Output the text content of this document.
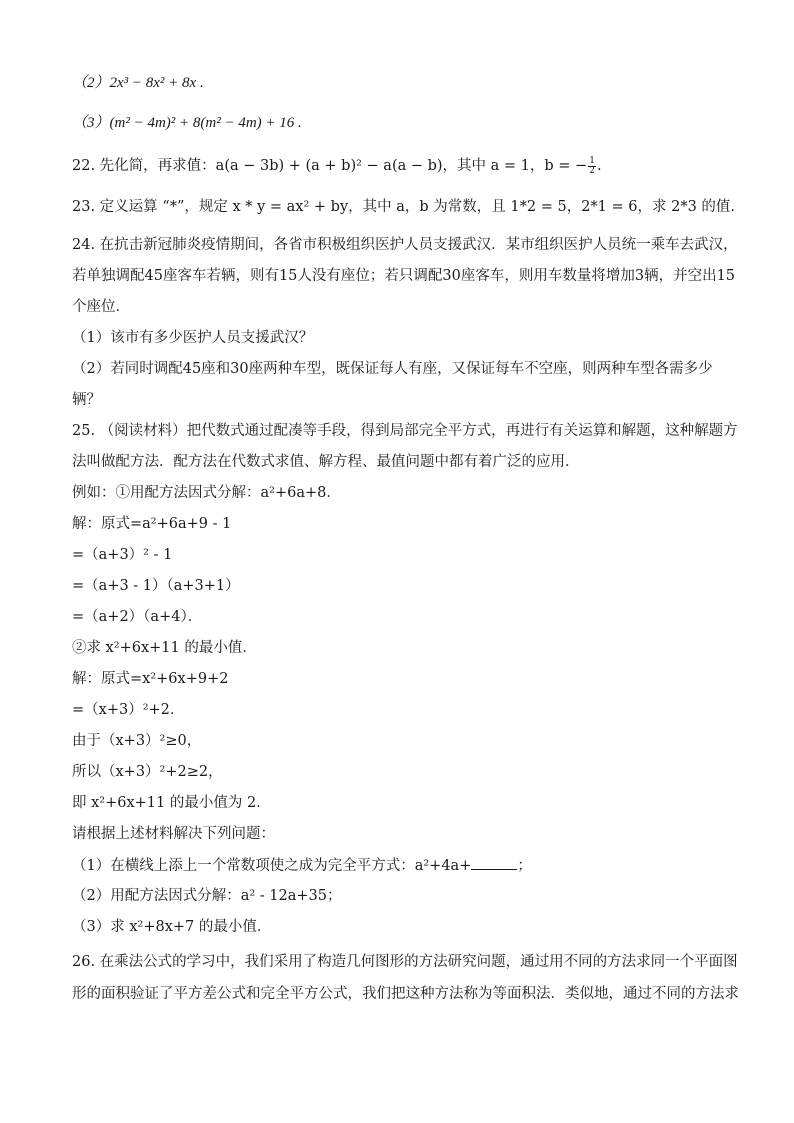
（2）2x³ − 8x² + 8x .
（3）(m² − 4m)² + 8(m² − 4m) + 16 .
22. 先化简，再求值：a(a − 3b) + (a + b)² − a(a − b)，其中 a = 1，b = − $\frac{1}{2}$ .
23. 定义运算 “*”，规定 x * y = ax² + by，其中 a，b 为常数，且 1*2 = 5，2*1 = 6，求 2*3 的值.
24. 在抗击新冠肺炎疫情期间，各省市积极组织医护人员支援武汉．某市组织医护人员统一乘车去武汉，
若单独调配45座客车若辆，则有15人没有座位；若只调配30座客车，则用车数量将增加3辆，并空出15
个座位．
（1）该市有多少医护人员支援武汉？
（2）若同时调配45座和30座两种车型，既保证每人有座，又保证每车不空座，则两种车型各需多少
辆？
25. （阅读材料）把代数式通过配凑等手段，得到局部完全平方式，再进行有关运算和解题，这种解题方
法叫做配方法．配方法在代数式求值、解方程、最值问题中都有着广泛的应用．
例如：①用配方法因式分解：a²+6a+8．
解：原式=a²+6a+9 - 1
=（a+3）² - 1
=（a+3 - 1）（a+3+1）
=（a+2）（a+4）．
②求 x²+6x+11 的最小值．
解：原式=x²+6x+9+2
=（x+3）²+2．
由于（x+3）²≥0，
所以（x+3）²+2≥2，
即 x²+6x+11 的最小值为 2．
请根据上述材料解决下列问题：
（1）在横线上添上一个常数项使之成为完全平方式：a²+4a+	；
（2）用配方法因式分解：a² - 12a+35；
（3）求 x²+8x+7 的最小值．
26. 在乘法公式的学习中，我们采用了构造几何图形的方法研究问题，通过用不同的方法求同一个平面图
形的面积验证了平方差公式和完全平方公式，我们把这种方法称为等面积法．类似地，通过不同的方法求
